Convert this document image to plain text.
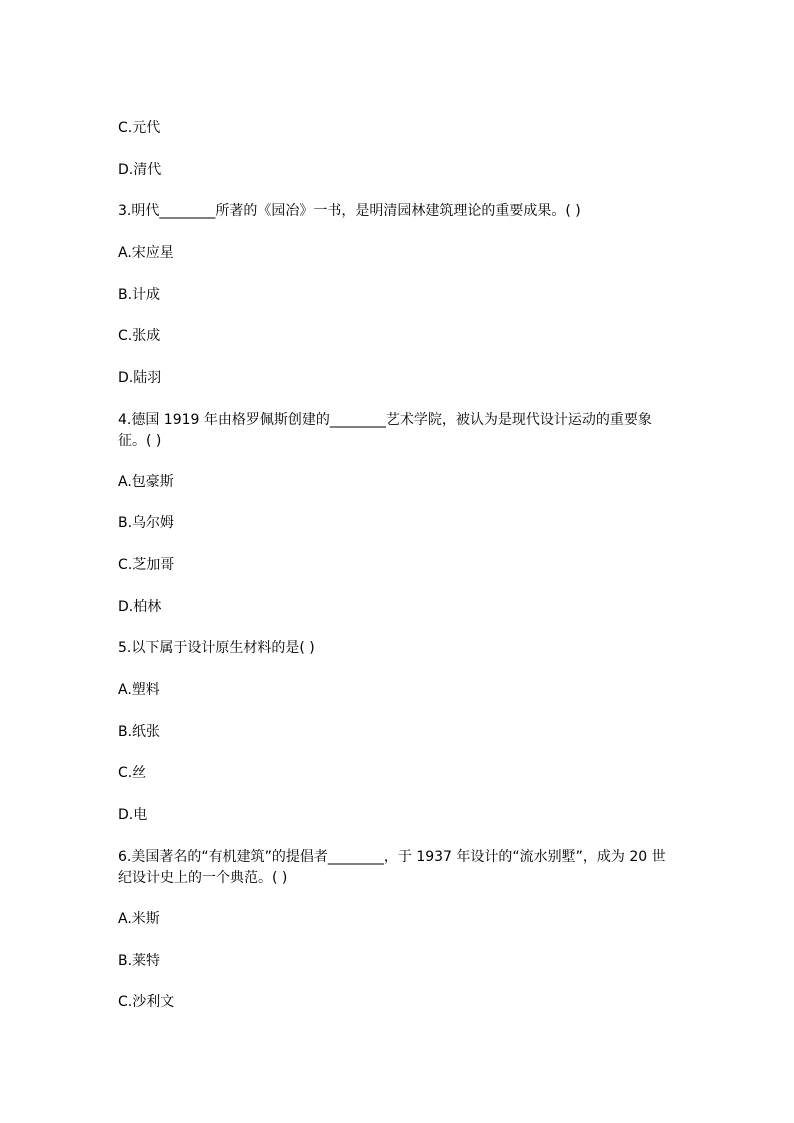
C.元代
D.清代
3.明代________所著的《园冶》一书，是明清园林建筑理论的重要成果。( )
A.宋应星
B.计成
C.张成
D.陆羽
4.德国 1919 年由格罗佩斯创建的________艺术学院，被认为是现代设计运动的重要象征。( )
A.包豪斯
B.乌尔姆
C.芝加哥
D.柏林
5.以下属于设计原生材料的是( )
A.塑料
B.纸张
C.丝
D.电
6.美国著名的“有机建筑”的提倡者________，于 1937 年设计的“流水别墅”，成为 20 世纪设计史上的一个典范。( )
A.米斯
B.莱特
C.沙利文
